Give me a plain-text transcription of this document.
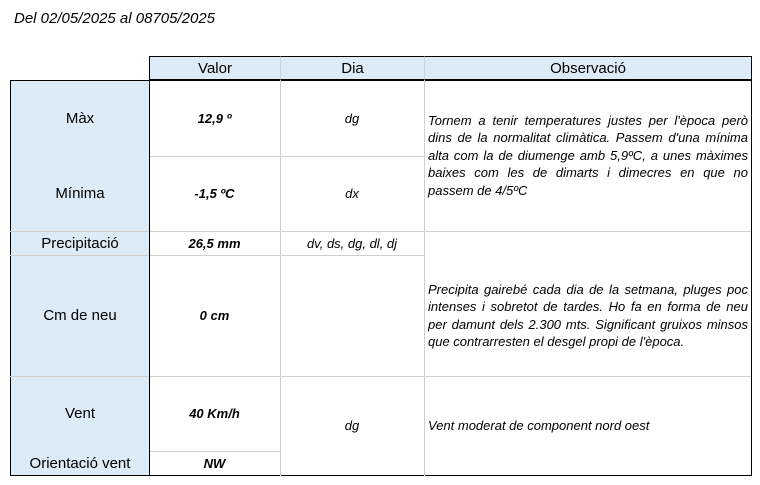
Del 02/05/2025 al 08705/2025
Valor	Dia	Observació
Màx
Mínima
Precipitació
Cm de neu
Vent
Orientació vent
12,9 º
-1,5 ºC
26,5 mm
0 cm
40 Km/h
NW
dg
dx
dv, ds, dg, dl, dj
dg
Tornem a tenir temperatures justes per l'època però dins de la normalitat climàtica. Passem d'una mínima alta com la de diumenge amb 5,9ºC, a unes màximes baixes com les de dimarts i dimecres en que no passem de 4/5ºC
Precipita gairebé cada dia de la setmana, pluges poc intenses i sobretot de tardes. Ho fa en forma de neu per damunt dels 2.300 mts. Significant gruixos minsos que contrarresten el desgel propi de l'època.
Vent moderat de component nord oest
